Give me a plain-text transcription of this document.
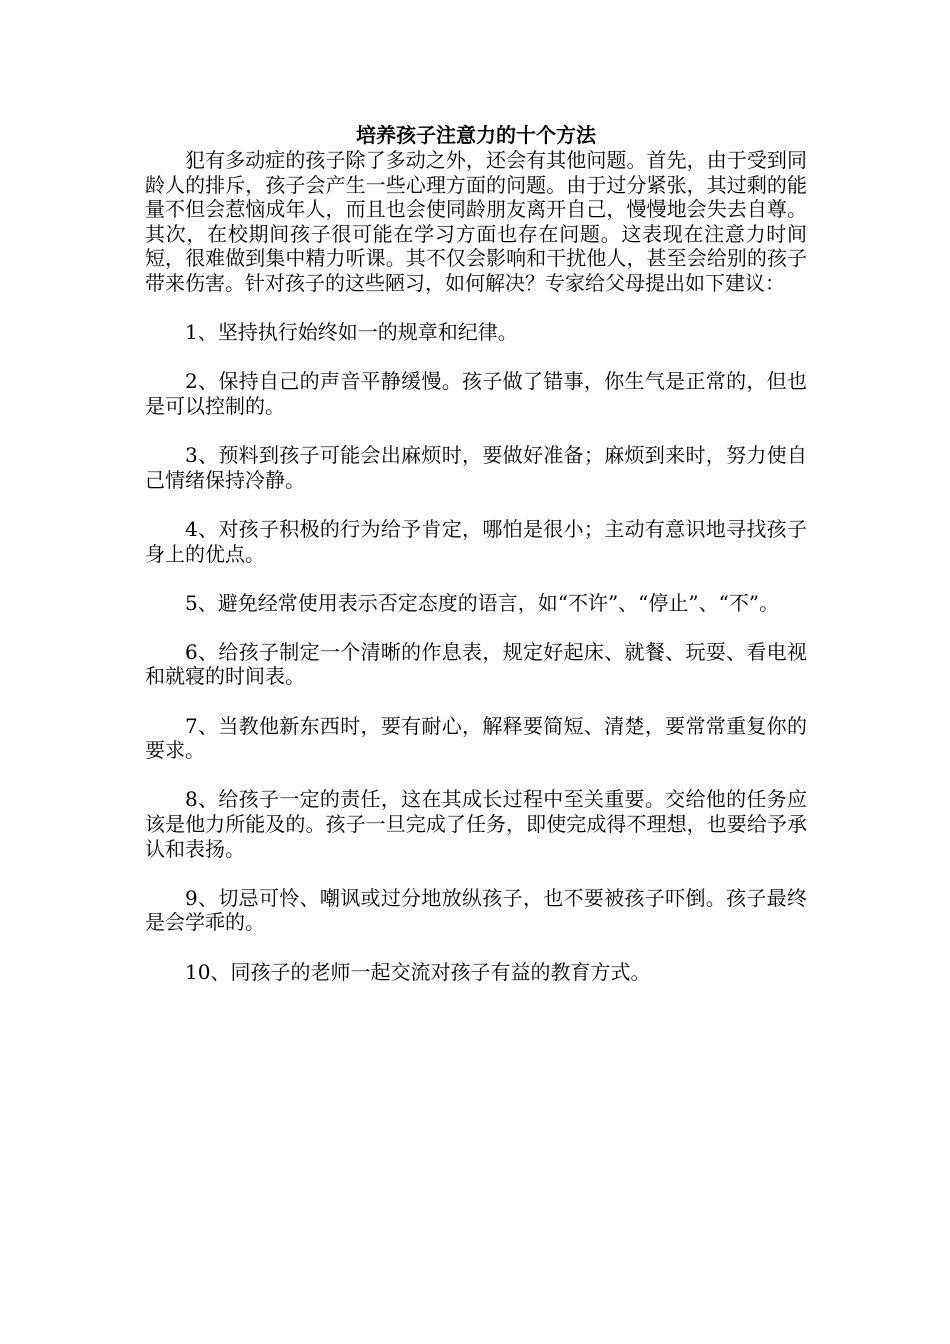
培养孩子注意力的十个方法

犯有多动症的孩子除了多动之外，还会有其他问题。首先，由于受到同龄人的排斥，孩子会产生一些心理方面的问题。由于过分紧张，其过剩的能量不但会惹恼成年人，而且也会使同龄朋友离开自己，慢慢地会失去自尊。其次，在校期间孩子很可能在学习方面也存在问题。这表现在注意力时间短，很难做到集中精力听课。其不仅会影响和干扰他人，甚至会给别的孩子带来伤害。针对孩子的这些陋习，如何解决？专家给父母提出如下建议：

1、坚持执行始终如一的规章和纪律。

2、保持自己的声音平静缓慢。孩子做了错事，你生气是正常的，但也是可以控制的。

3、预料到孩子可能会出麻烦时，要做好准备；麻烦到来时，努力使自己情绪保持冷静。

4、对孩子积极的行为给予肯定，哪怕是很小；主动有意识地寻找孩子身上的优点。

5、避免经常使用表示否定态度的语言，如“不许”、“停止”、“不”。

6、给孩子制定一个清晰的作息表，规定好起床、就餐、玩耍、看电视和就寝的时间表。

7、当教他新东西时，要有耐心，解释要简短、清楚，要常常重复你的要求。

8、给孩子一定的责任，这在其成长过程中至关重要。交给他的任务应该是他力所能及的。孩子一旦完成了任务，即使完成得不理想，也要给予承认和表扬。

9、切忌可怜、嘲讽或过分地放纵孩子，也不要被孩子吓倒。孩子最终是会学乖的。

10、同孩子的老师一起交流对孩子有益的教育方式。
